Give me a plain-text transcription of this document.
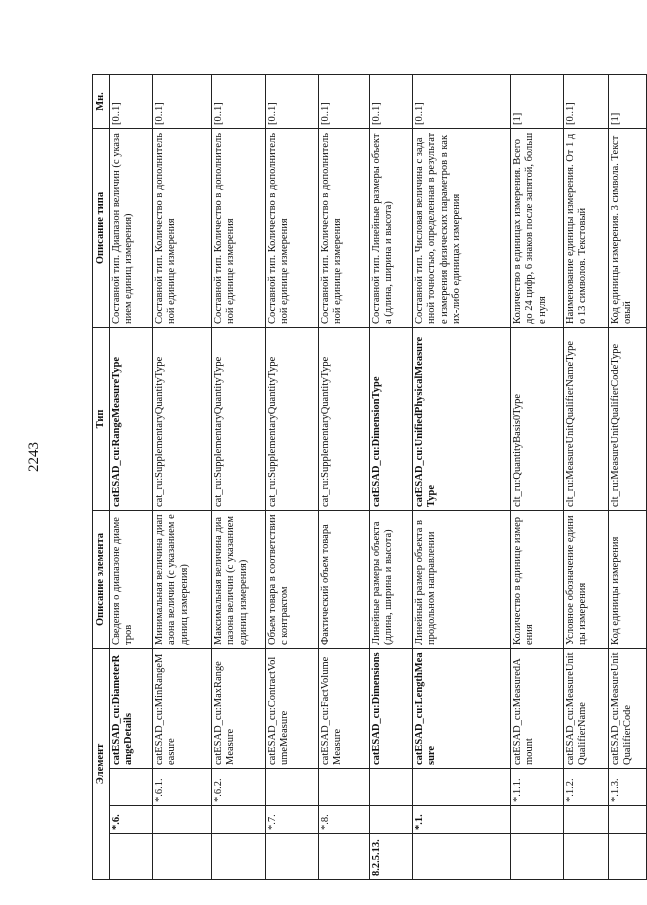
2243
Элемент				Описание элемента	Тип	Описание типа	Мн.
	*.6.		catESAD_cu:DiameterRangeDetails	Сведения о диапазоне диаметров	catESAD_cu:RangeMeasureType	Составной тип. Диапазон величин (с указанием единиц измерения)	[0..1]
		*.6.1.	catESAD_cu:MinRangeMeasure	Минимальная величина диапазона величин (с указанием единиц измерения)	cat_ru:SupplementaryQuantityType	Составной тип. Количество в дополнительной единице измерения	[0..1]
		*.6.2.	catESAD_cu:MaxRangeMeasure	Максимальная величина диапазона величин (с указанием единиц измерения)	cat_ru:SupplementaryQuantityType	Составной тип. Количество в дополнительной единице измерения	[0..1]
	*.7.		catESAD_cu:ContractVolumeMeasure	Объем товара в соответствии с контрактом	cat_ru:SupplementaryQuantityType	Составной тип. Количество в дополнительной единице измерения	[0..1]
	*.8.		catESAD_cu:FactVolumeMeasure	Фактический объем товара	cat_ru:SupplementaryQuantityType	Составной тип. Количество в дополнительной единице измерения	[0..1]
8.2.5.13.			catESAD_cu:Dimensions	Линейные размеры объекта (длина, ширина и высота)	catESAD_cu:DimensionType	Составной тип. Линейные размеры объекта (длина, ширина и высота)	[0..1]
	*.1.		catESAD_cu:LengthMeasure	Линейный размер объекта в продольном направлении	catESAD_cu:UnifiedPhysicalMeasureType	Составной тип. Числовая величина с заданной точностью, определенная в результате измерения физических параметров в каких-либо единицах измерения	[0..1]
		*.1.1.	catESAD_cu:MeasuredAmount	Количество в единице измерения	clt_ru:QuantityBasis0Type	Количество в единицах измерения. Всего до 24 цифр, 6 знаков после запятой, больше нуля	[1]
		*.1.2.	catESAD_cu:MeasureUnitQualifierName	Условное обозначение единицы измерения	clt_ru:MeasureUnitQualifierNameType	Наименование единицы измерения. От 1 до 13 символов. Текстовый	[0..1]
		*.1.3.	catESAD_cu:MeasureUnitQualifierCode	Код единицы измерения	clt_ru:MeasureUnitQualifierCodeType	Код единицы измерения. 3 символа. Текстовый	[1]
